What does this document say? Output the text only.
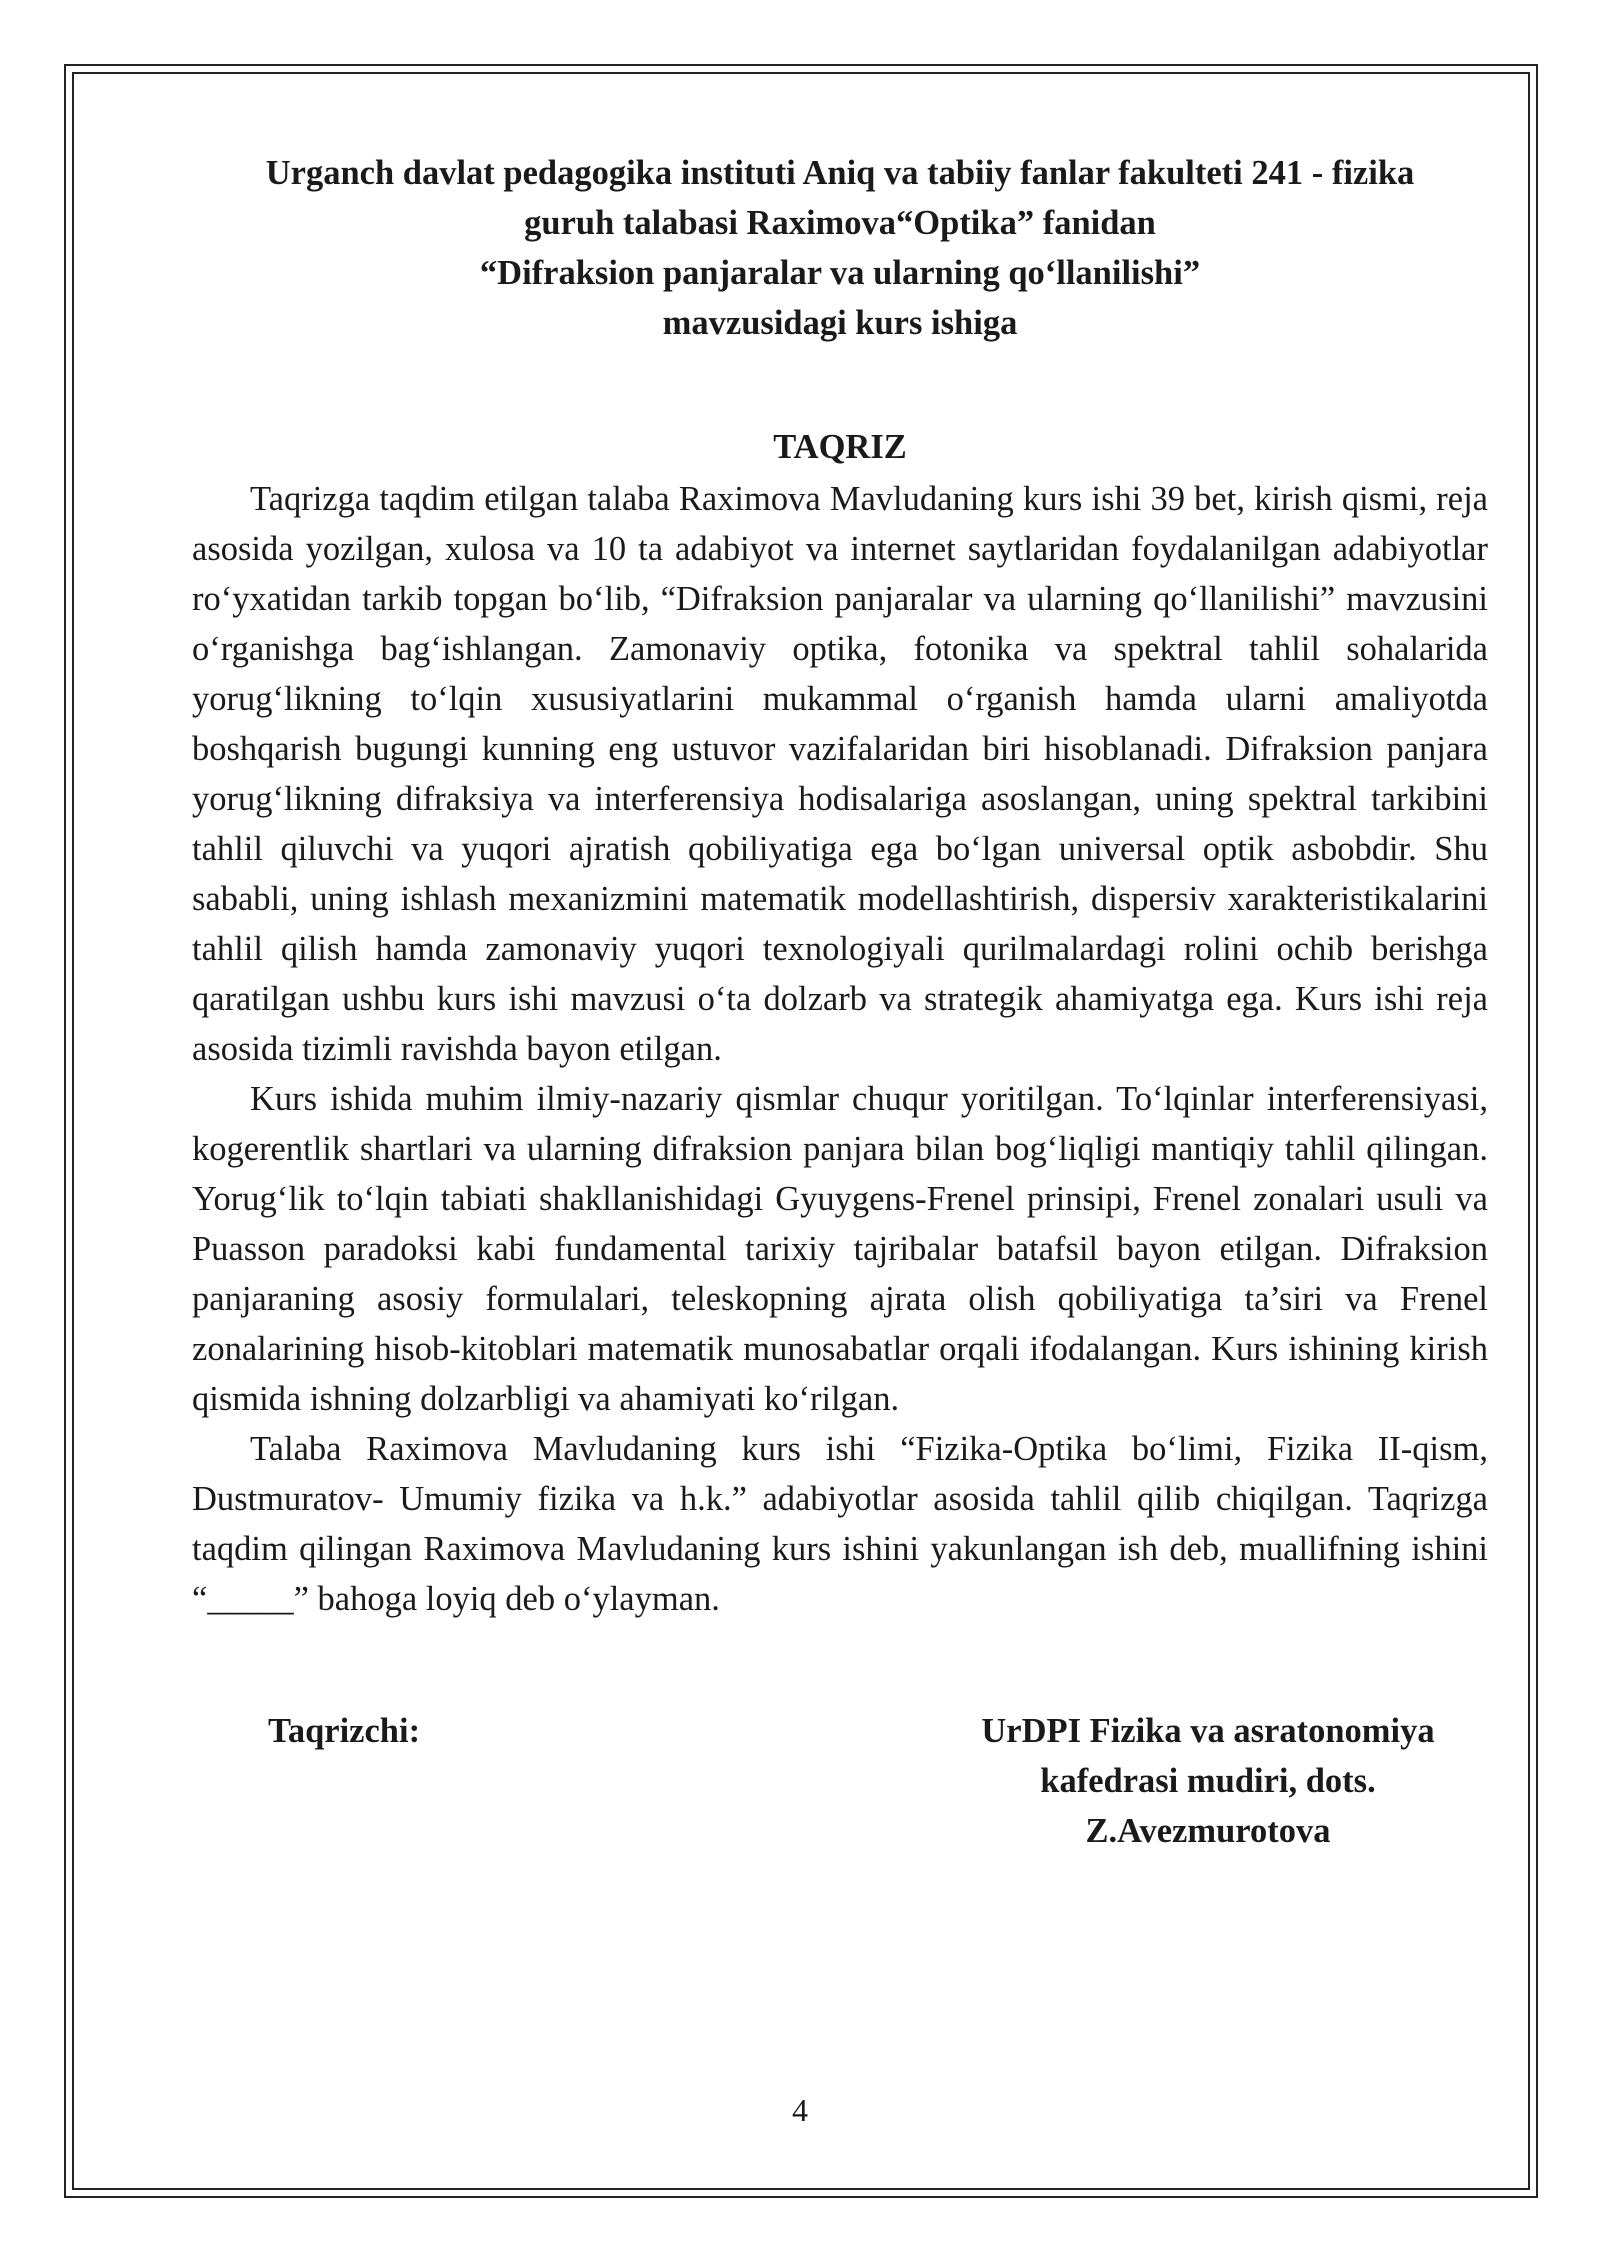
Urganch davlat pedagogika instituti Aniq va tabiiy fanlar fakulteti 241 - fizika
guruh talabasi Raximova“Optika” fanidan
“Difraksion panjaralar va ularning qo‘llanilishi”
mavzusidagi kurs ishiga
TAQRIZ

Taqrizga taqdim etilgan talaba Raximova Mavludaning kurs ishi 39 bet, kirish qismi, reja asosida yozilgan, xulosa va 10 ta adabiyot va internet saytlaridan foydalanilgan adabiyotlar ro‘yxatidan tarkib topgan bo‘lib, “Difraksion panjaralar va ularning qo‘llanilishi” mavzusini o‘rganishga bag‘ishlangan. Zamonaviy optika, fotonika va spektral tahlil sohalarida yorug‘likning to‘lqin xususiyatlarini mukammal o‘rganish hamda ularni amaliyotda boshqarish bugungi kunning eng ustuvor vazifalaridan biri hisoblanadi. Difraksion panjara yorug‘likning difraksiya va interferensiya hodisalariga asoslangan, uning spektral tarkibini tahlil qiluvchi va yuqori ajratish qobiliyatiga ega bo‘lgan universal optik asbobdir. Shu sababli, uning ishlash mexanizmini matematik modellashtirish, dispersiv xarakteristikalarini tahlil qilish hamda zamonaviy yuqori texnologiyali qurilmalardagi rolini ochib berishga qaratilgan ushbu kurs ishi mavzusi o‘ta dolzarb va strategik ahamiyatga ega. Kurs ishi reja asosida tizimli ravishda bayon etilgan.

Kurs ishida muhim ilmiy-nazariy qismlar chuqur yoritilgan. To‘lqinlar interferensiyasi, kogerentlik shartlari va ularning difraksion panjara bilan bog‘liqligi mantiqiy tahlil qilingan. Yorug‘lik to‘lqin tabiati shakllanishidagi Gyuygens-Frenel prinsipi, Frenel zonalari usuli va Puasson paradoksi kabi fundamental tarixiy tajribalar batafsil bayon etilgan. Difraksion panjaraning asosiy formulalari, teleskopning ajrata olish qobiliyatiga ta’siri va Frenel zonalarining hisob-kitoblari matematik munosabatlar orqali ifodalangan. Kurs ishining kirish qismida ishning dolzarbligi va ahamiyati ko‘rilgan.

Talaba Raximova Mavludaning kurs ishi “Fizika-Optika bo‘limi, Fizika II-qism, Dustmuratov- Umumiy fizika va h.k.” adabiyotlar asosida tahlil qilib chiqilgan. Taqrizga taqdim qilingan Raximova Mavludaning kurs ishini yakunlangan ish deb, muallifning ishini “_____” bahoga loyiq deb o‘ylayman.

Taqrizchi:	UrDPI Fizika va asratonomiya
kafedrasi mudiri, dots.
Z.Avezmurotova
4
